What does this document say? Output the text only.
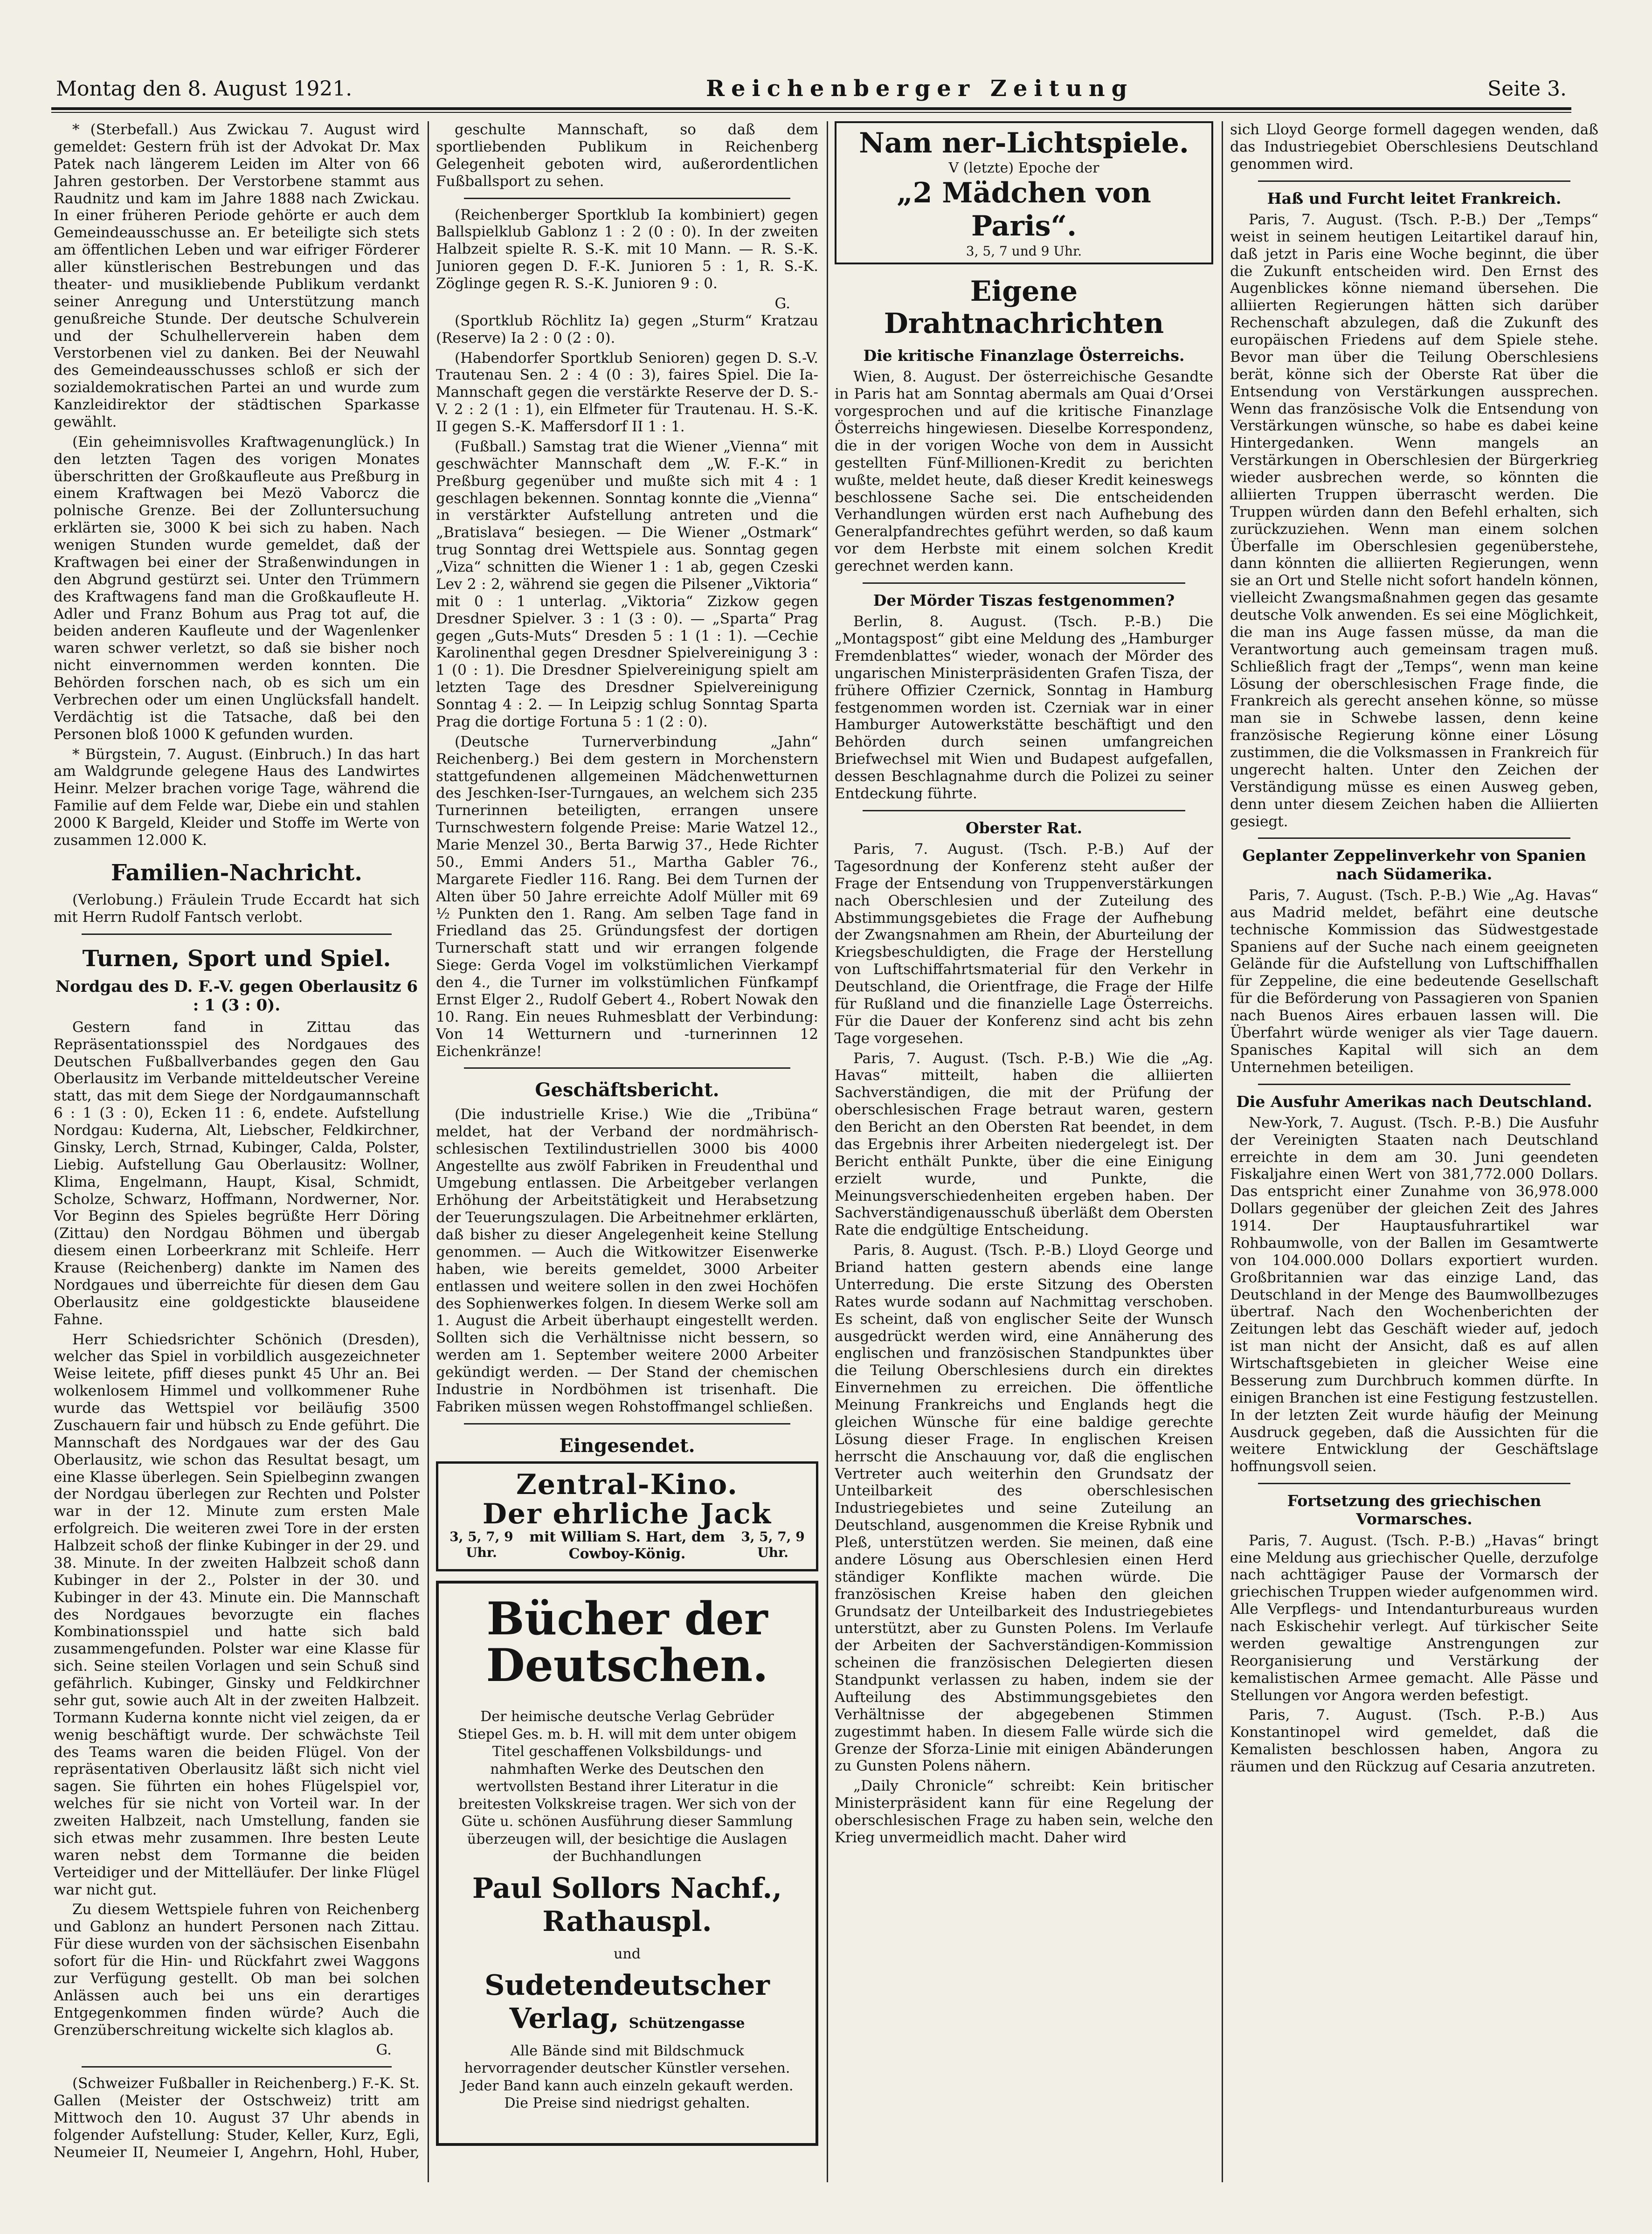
Montag den 8. August 1921.	Reichenberger Zeitung	Seite 3.

* (Sterbefall.) Aus Zwickau 7. August wird gemeldet: Gestern früh ist der Advokat Dr. Max Patek nach längerem Leiden im Alter von 66 Jahren gestorben. Der Verstorbene stammt aus Raudnitz und kam im Jahre 1888 nach Zwickau. In einer früheren Periode gehörte er auch dem Gemeindeausschusse an. Er beteiligte sich stets am öffentlichen Leben und war eifriger Förderer aller künstlerischen Bestrebungen und das theater- und musikliebende Publikum verdankt seiner Anregung und Unterstützung manch genußreiche Stunde. Der deutsche Schulverein und der Schulhellerverein haben dem Verstorbenen viel zu danken. Bei der Neuwahl des Gemeindeausschusses schloß er sich der sozialdemokratischen Partei an und wurde zum Kanzleidirektor der städtischen Sparkasse gewählt.

(Ein geheimnisvolles Kraftwagenunglück.) In den letzten Tagen des vorigen Monates überschritten der Großkaufleute aus Preßburg in einem Kraftwagen bei Mezö Vaborcz die polnische Grenze. Bei der Zolluntersuchung erklärten sie, 3000 K bei sich zu haben. Nach wenigen Stunden wurde gemeldet, daß der Kraftwagen bei einer der Straßenwindungen in den Abgrund gestürzt sei. Unter den Trümmern des Kraftwagens fand man die Großkaufleute H. Adler und Franz Bohum aus Prag tot auf, die beiden anderen Kaufleute und der Wagenlenker waren schwer verletzt, so daß sie bisher noch nicht einvernommen werden konnten. Die Behörden forschen nach, ob es sich um ein Verbrechen oder um einen Unglücksfall handelt. Verdächtig ist die Tatsache, daß bei den Personen bloß 1000 K gefunden wurden.

* Bürgstein, 7. August. (Einbruch.) In das hart am Waldgrunde gelegene Haus des Landwirtes Heinr. Melzer brachen vorige Tage, während die Familie auf dem Felde war, Diebe ein und stahlen 2000 K Bargeld, Kleider und Stoffe im Werte von zusammen 12.000 K.

Familien-Nachricht.

(Verlobung.) Fräulein Trude Eccardt hat sich mit Herrn Rudolf Fantsch verlobt.

Turnen, Sport und Spiel.
Nordgau des D. F.-V. gegen Oberlausitz 6 : 1 (3 : 0).

Gestern fand in Zittau das Repräsentationsspiel des Nordgaues des Deutschen Fußballverbandes gegen den Gau Oberlausitz im Verbande mitteldeutscher Vereine statt, das mit dem Siege der Nordgaumannschaft 6 : 1 (3 : 0), Ecken 11 : 6, endete. Aufstellung Nordgau: Kuderna, Alt, Liebscher, Feldkirchner, Ginsky, Lerch, Strnad, Kubinger, Calda, Polster, Liebig. Aufstellung Gau Oberlausitz: Wollner, Klima, Engelmann, Haupt, Kisal, Schmidt, Scholze, Schwarz, Hoffmann, Nordwerner, Nor. Vor Beginn des Spieles begrüßte Herr Döring (Zittau) den Nordgau Böhmen und übergab diesem einen Lorbeerkranz mit Schleife. Herr Krause (Reichenberg) dankte im Namen des Nordgaues und überreichte für diesen dem Gau Oberlausitz eine goldgestickte blauseidene Fahne.

Herr Schiedsrichter Schönich (Dresden), welcher das Spiel in vorbildlich ausgezeichneter Weise leitete, pfiff dieses punkt 45 Uhr an. Bei wolkenlosem Himmel und vollkommener Ruhe wurde das Wettspiel vor beiläufig 3500 Zuschauern fair und hübsch zu Ende geführt. Die Mannschaft des Nordgaues war der des Gau Oberlausitz, wie schon das Resultat besagt, um eine Klasse überlegen. Sein Spielbeginn zwangen der Nordgau überlegen zur Rechten und Polster war in der 12. Minute zum ersten Male erfolgreich. Die weiteren zwei Tore in der ersten Halbzeit schoß der flinke Kubinger in der 29. und 38. Minute. In der zweiten Halbzeit schoß dann Kubinger in der 2., Polster in der 30. und Kubinger in der 43. Minute ein. Die Mannschaft des Nordgaues bevorzugte ein flaches Kombinationsspiel und hatte sich bald zusammengefunden. Polster war eine Klasse für sich. Seine steilen Vorlagen und sein Schuß sind gefährlich. Kubinger, Ginsky und Feldkirchner sehr gut, sowie auch Alt in der zweiten Halbzeit. Tormann Kuderna konnte nicht viel zeigen, da er wenig beschäftigt wurde. Der schwächste Teil des Teams waren die beiden Flügel. Von der repräsentativen Oberlausitz läßt sich nicht viel sagen. Sie führten ein hohes Flügelspiel vor, welches für sie nicht von Vorteil war. In der zweiten Halbzeit, nach Umstellung, fanden sie sich etwas mehr zusammen. Ihre besten Leute waren nebst dem Tormanne die beiden Verteidiger und der Mittelläufer. Der linke Flügel war nicht gut.

Zu diesem Wettspiele fuhren von Reichenberg und Gablonz an hundert Personen nach Zittau. Für diese wurden von der sächsischen Eisenbahn sofort für die Hin- und Rückfahrt zwei Waggons zur Verfügung gestellt. Ob man bei solchen Anlässen auch bei uns ein derartiges Entgegenkommen finden würde? Auch die Grenzüberschreitung wickelte sich klaglos ab.

G.

(Schweizer Fußballer in Reichenberg.) F.-K. St. Gallen (Meister der Ostschweiz) tritt am Mittwoch den 10. August 37 Uhr abends in folgender Aufstellung: Studer, Keller, Kurz, Egli, Neumeier II, Neumeier I, Angehrn, Hohl, Huber,

geschulte Mannschaft, so daß dem sportliebenden Publikum in Reichenberg Gelegenheit geboten wird, außerordentlichen Fußballsport zu sehen.

(Reichenberger Sportklub Ia kombiniert) gegen Ballspielklub Gablonz 1 : 2 (0 : 0). In der zweiten Halbzeit spielte R. S.-K. mit 10 Mann. — R. S.-K. Junioren gegen D. F.-K. Junioren 5 : 1, R. S.-K. Zöglinge gegen R. S.-K. Junioren 9 : 0.

G.

(Sportklub Röchlitz Ia) gegen „Sturm“ Kratzau (Reserve) Ia 2 : 0 (2 : 0).

(Habendorfer Sportklub Senioren) gegen D. S.-V. Trautenau Sen. 2 : 4 (0 : 3), faires Spiel. Die Ia-Mannschaft gegen die verstärkte Reserve der D. S.-V. 2 : 2 (1 : 1), ein Elfmeter für Trautenau. H. S.-K. II gegen S.-K. Maffersdorf II 1 : 1.

(Fußball.) Samstag trat die Wiener „Vienna“ mit geschwächter Mannschaft dem „W. F.-K.“ in Preßburg gegenüber und mußte sich mit 4 : 1 geschlagen bekennen. Sonntag konnte die „Vienna“ in verstärkter Aufstellung antreten und die „Bratislava“ besiegen. — Die Wiener „Ostmark“ trug Sonntag drei Wettspiele aus. Sonntag gegen „Viza“ schnitten die Wiener 1 : 1 ab, gegen Czeski Lev 2 : 2, während sie gegen die Pilsener „Viktoria“ mit 0 : 1 unterlag. „Viktoria“ Zizkow gegen Dresdner Spielver. 3 : 1 (3 : 0). — „Sparta“ Prag gegen „Guts-Muts“ Dresden 5 : 1 (1 : 1). —Cechie Karolinenthal gegen Dresdner Spielvereinigung 3 : 1 (0 : 1). Die Dresdner Spielvereinigung spielt am letzten Tage des Dresdner Spielvereinigung Sonntag 4 : 2. — In Leipzig schlug Sonntag Sparta Prag die dortige Fortuna 5 : 1 (2 : 0).

(Deutsche Turnerverbindung „Jahn“ Reichenberg.) Bei dem gestern in Morchenstern stattgefundenen allgemeinen Mädchenwetturnen des Jeschken-Iser-Turngaues, an welchem sich 235 Turnerinnen beteiligten, errangen unsere Turnschwestern folgende Preise: Marie Watzel 12., Marie Menzel 30., Berta Barwig 37., Hede Richter 50., Emmi Anders 51., Martha Gabler 76., Margarete Fiedler 116. Rang. Bei dem Turnen der Alten über 50 Jahre erreichte Adolf Müller mit 69 ½ Punkten den 1. Rang. Am selben Tage fand in Friedland das 25. Gründungsfest der dortigen Turnerschaft statt und wir errangen folgende Siege: Gerda Vogel im volkstümlichen Vierkampf den 4., die Turner im volkstümlichen Fünfkampf Ernst Elger 2., Rudolf Gebert 4., Robert Nowak den 10. Rang. Ein neues Ruhmesblatt der Verbindung: Von 14 Wetturnern und -turnerinnen 12 Eichenkränze!

Geschäftsbericht.

(Die industrielle Krise.) Wie die „Tribüna“ meldet, hat der Verband der nordmährisch-schlesischen Textilindustriellen 3000 bis 4000 Angestellte aus zwölf Fabriken in Freudenthal und Umgebung entlassen. Die Arbeitgeber verlangen Erhöhung der Arbeitstätigkeit und Herabsetzung der Teuerungszulagen. Die Arbeitnehmer erklärten, daß bisher zu dieser Angelegenheit keine Stellung genommen. — Auch die Witkowitzer Eisenwerke haben, wie bereits gemeldet, 3000 Arbeiter entlassen und weitere sollen in den zwei Hochöfen des Sophienwerkes folgen. In diesem Werke soll am 1. August die Arbeit überhaupt eingestellt werden. Sollten sich die Verhältnisse nicht bessern, so werden am 1. September weitere 2000 Arbeiter gekündigt werden. — Der Stand der chemischen Industrie in Nordböhmen ist trisenhaft. Die Fabriken müssen wegen Rohstoffmangel schließen.

Eingesendet.
Zentral-Kino.
Der ehrliche Jack
3, 5, 7, 9 Uhr.
mit William S. Hart, dem Cowboy-König.
3, 5, 7, 9 Uhr.
Bücher der Deutschen.
Der heimische deutsche Verlag Gebrüder Stiepel Ges. m. b. H. will mit dem unter obigem Titel geschaffenen Volksbildungs- und nahmhaften Werke des Deutschen den wertvollsten Bestand ihrer Literatur in die breitesten Volkskreise tragen. Wer sich von der Güte u. schönen Ausführung dieser Sammlung überzeugen will, der besichtige die Auslagen der Buchhandlungen
Paul Sollors Nachf., Rathauspl.
und
Sudetendeutscher Verlag, Schützengasse
Alle Bände sind mit Bildschmuck hervorragender deutscher Künstler versehen. Jeder Band kann auch einzeln gekauft werden. Die Preise sind niedrigst gehalten.
Nam ner-Lichtspiele.
V (letzte) Epoche der
„2 Mädchen von Paris“.
3, 5, 7 und 9 Uhr.
Eigene Drahtnachrichten
Die kritische Finanzlage Österreichs.

Wien, 8. August. Der österreichische Gesandte in Paris hat am Sonntag abermals am Quai d’Orsei vorgesprochen und auf die kritische Finanzlage Österreichs hingewiesen. Dieselbe Korrespondenz, die in der vorigen Woche von dem in Aussicht gestellten Fünf-Millionen-Kredit zu berichten wußte, meldet heute, daß dieser Kredit keineswegs beschlossene Sache sei. Die entscheidenden Verhandlungen würden erst nach Aufhebung des Generalpfandrechtes geführt werden, so daß kaum vor dem Herbste mit einem solchen Kredit gerechnet werden kann.

Der Mörder Tiszas festgenommen?

Berlin, 8. August. (Tsch. P.-B.) Die „Montagspost“ gibt eine Meldung des „Hamburger Fremdenblattes“ wieder, wonach der Mörder des ungarischen Ministerpräsidenten Grafen Tisza, der frühere Offizier Czernick, Sonntag in Hamburg festgenommen worden ist. Czerniak war in einer Hamburger Autowerkstätte beschäftigt und den Behörden durch seinen umfangreichen Briefwechsel mit Wien und Budapest aufgefallen, dessen Beschlagnahme durch die Polizei zu seiner Entdeckung führte.

Oberster Rat.

Paris, 7. August. (Tsch. P.-B.) Auf der Tagesordnung der Konferenz steht außer der Frage der Entsendung von Truppenverstärkungen nach Oberschlesien und der Zuteilung des Abstimmungsgebietes die Frage der Aufhebung der Zwangsnahmen am Rhein, der Aburteilung der Kriegsbeschuldigten, die Frage der Herstellung von Luftschiffahrtsmaterial für den Verkehr in Deutschland, die Orientfrage, die Frage der Hilfe für Rußland und die finanzielle Lage Österreichs. Für die Dauer der Konferenz sind acht bis zehn Tage vorgesehen.

Paris, 7. August. (Tsch. P.-B.) Wie die „Ag. Havas“ mitteilt, haben die alliierten Sachverständigen, die mit der Prüfung der oberschlesischen Frage betraut waren, gestern den Bericht an den Obersten Rat beendet, in dem das Ergebnis ihrer Arbeiten niedergelegt ist. Der Bericht enthält Punkte, über die eine Einigung erzielt wurde, und Punkte, die Meinungsverschiedenheiten ergeben haben. Der Sachverständigenausschuß überläßt dem Obersten Rate die endgültige Entscheidung.

Paris, 8. August. (Tsch. P.-B.) Lloyd George und Briand hatten gestern abends eine lange Unterredung. Die erste Sitzung des Obersten Rates wurde sodann auf Nachmittag verschoben. Es scheint, daß von englischer Seite der Wunsch ausgedrückt werden wird, eine Annäherung des englischen und französischen Standpunktes über die Teilung Oberschlesiens durch ein direktes Einvernehmen zu erreichen. Die öffentliche Meinung Frankreichs und Englands hegt die gleichen Wünsche für eine baldige gerechte Lösung dieser Frage. In englischen Kreisen herrscht die Anschauung vor, daß die englischen Vertreter auch weiterhin den Grundsatz der Unteilbarkeit des oberschlesischen Industriegebietes und seine Zuteilung an Deutschland, ausgenommen die Kreise Rybnik und Pleß, unterstützen werden. Sie meinen, daß eine andere Lösung aus Oberschlesien einen Herd ständiger Konflikte machen würde. Die französischen Kreise haben den gleichen Grundsatz der Unteilbarkeit des Industriegebietes unterstützt, aber zu Gunsten Polens. Im Verlaufe der Arbeiten der Sachverständigen-Kommission scheinen die französischen Delegierten diesen Standpunkt verlassen zu haben, indem sie der Aufteilung des Abstimmungsgebietes den Verhältnisse der abgegebenen Stimmen zugestimmt haben. In diesem Falle würde sich die Grenze der Sforza-Linie mit einigen Abänderungen zu Gunsten Polens nähern.

„Daily Chronicle“ schreibt: Kein britischer Ministerpräsident kann für eine Regelung der oberschlesischen Frage zu haben sein, welche den Krieg unvermeidlich macht. Daher wird

sich Lloyd George formell dagegen wenden, daß das Industriegebiet Oberschlesiens Deutschland genommen wird.

Haß und Furcht leitet Frankreich.

Paris, 7. August. (Tsch. P.-B.) Der „Temps“ weist in seinem heutigen Leitartikel darauf hin, daß jetzt in Paris eine Woche beginnt, die über die Zukunft entscheiden wird. Den Ernst des Augenblickes könne niemand übersehen. Die alliierten Regierungen hätten sich darüber Rechenschaft abzulegen, daß die Zukunft des europäischen Friedens auf dem Spiele stehe. Bevor man über die Teilung Oberschlesiens berät, könne sich der Oberste Rat über die Entsendung von Verstärkungen aussprechen. Wenn das französische Volk die Entsendung von Verstärkungen wünsche, so habe es dabei keine Hintergedanken. Wenn mangels an Verstärkungen in Oberschlesien der Bürgerkrieg wieder ausbrechen werde, so könnten die alliierten Truppen überrascht werden. Die Truppen würden dann den Befehl erhalten, sich zurückzuziehen. Wenn man einem solchen Überfalle im Oberschlesien gegenüberstehe, dann könnten die alliierten Regierungen, wenn sie an Ort und Stelle nicht sofort handeln können, vielleicht Zwangsmaßnahmen gegen das gesamte deutsche Volk anwenden. Es sei eine Möglichkeit, die man ins Auge fassen müsse, da man die Verantwortung auch gemeinsam tragen muß. Schließlich fragt der „Temps“, wenn man keine Lösung der oberschlesischen Frage finde, die Frankreich als gerecht ansehen könne, so müsse man sie in Schwebe lassen, denn keine französische Regierung könne einer Lösung zustimmen, die die Volksmassen in Frankreich für ungerecht halten. Unter den Zeichen der Verständigung müsse es einen Ausweg geben, denn unter diesem Zeichen haben die Alliierten gesiegt.

Geplanter Zeppelinverkehr von Spanien nach Südamerika.

Paris, 7. August. (Tsch. P.-B.) Wie „Ag. Havas“ aus Madrid meldet, befährt eine deutsche technische Kommission das Südwestgestade Spaniens auf der Suche nach einem geeigneten Gelände für die Aufstellung von Luftschiffhallen für Zeppeline, die eine bedeutende Gesellschaft für die Beförderung von Passagieren von Spanien nach Buenos Aires erbauen lassen will. Die Überfahrt würde weniger als vier Tage dauern. Spanisches Kapital will sich an dem Unternehmen beteiligen.

Die Ausfuhr Amerikas nach Deutschland.

New-York, 7. August. (Tsch. P.-B.) Die Ausfuhr der Vereinigten Staaten nach Deutschland erreichte in dem am 30. Juni geendeten Fiskaljahre einen Wert von 381,772.000 Dollars. Das entspricht einer Zunahme von 36,978.000 Dollars gegenüber der gleichen Zeit des Jahres 1914. Der Hauptausfuhrartikel war Rohbaumwolle, von der Ballen im Gesamtwerte von 104.000.000 Dollars exportiert wurden. Großbritannien war das einzige Land, das Deutschland in der Menge des Baumwollbezuges übertraf. Nach den Wochenberichten der Zeitungen lebt das Geschäft wieder auf, jedoch ist man nicht der Ansicht, daß es auf allen Wirtschaftsgebieten in gleicher Weise eine Besserung zum Durchbruch kommen dürfte. In einigen Branchen ist eine Festigung festzustellen. In der letzten Zeit wurde häufig der Meinung Ausdruck gegeben, daß die Aussichten für die weitere Entwicklung der Geschäftslage hoffnungsvoll seien.

Fortsetzung des griechischen Vormarsches.

Paris, 7. August. (Tsch. P.-B.) „Havas“ bringt eine Meldung aus griechischer Quelle, derzufolge nach achttägiger Pause der Vormarsch der griechischen Truppen wieder aufgenommen wird. Alle Verpflegs- und Intendanturbureaus wurden nach Eskischehir verlegt. Auf türkischer Seite werden gewaltige Anstrengungen zur Reorganisierung und Verstärkung der kemalistischen Armee gemacht. Alle Pässe und Stellungen vor Angora werden befestigt.

Paris, 7. August. (Tsch. P.-B.) Aus Konstantinopel wird gemeldet, daß die Kemalisten beschlossen haben, Angora zu räumen und den Rückzug auf Cesaria anzutreten.
